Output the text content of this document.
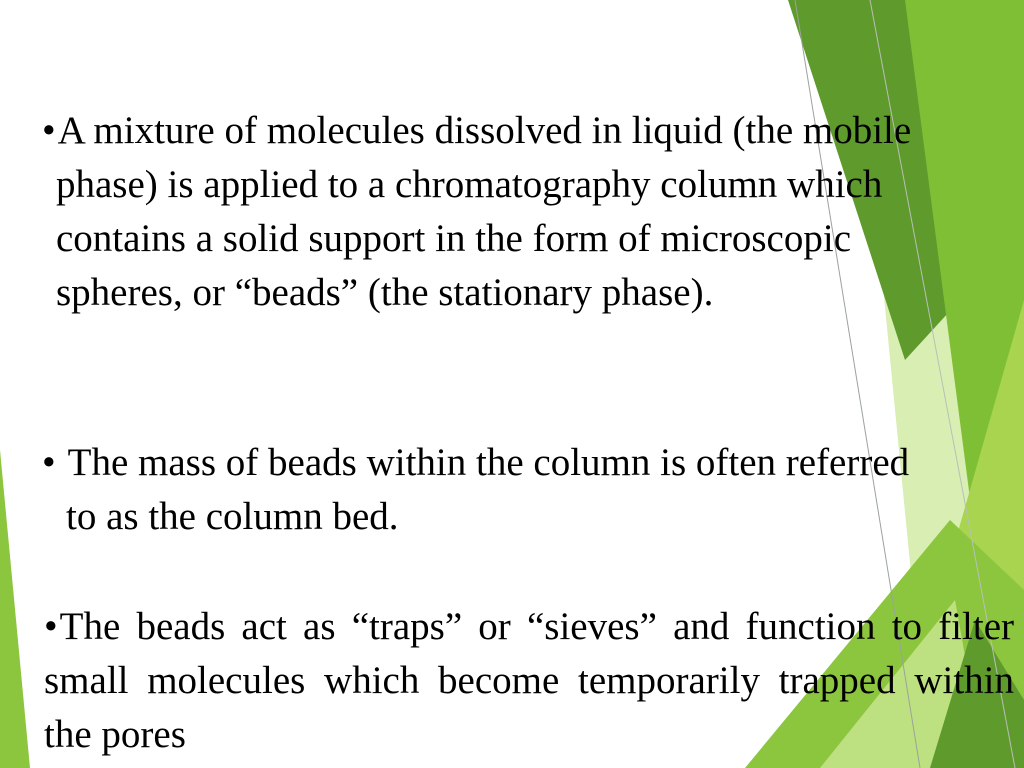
•A mixture of molecules dissolved in liquid (the mobile phase) is applied to a chromatography column which contains a solid support in the form of microscopic spheres, or “beads” (the stationary phase).

• The mass of beads within the column is often referred to as the column bed.

•The beads act as “traps” or “sieves” and function to filter small molecules which become temporarily trapped within the pores
